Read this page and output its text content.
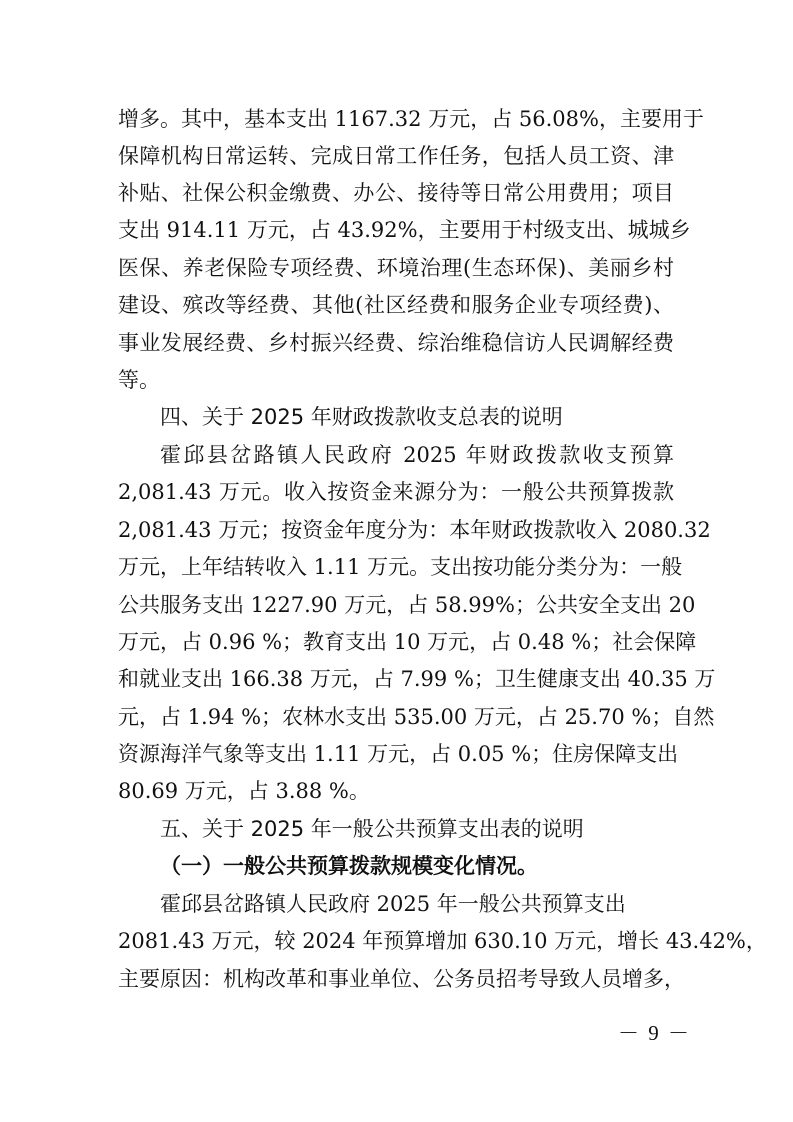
增多。其中，基本支出 1167.32 万元，占 56.08%，主要用于
保障机构日常运转、完成日常工作任务，包括人员工资、津
补贴、社保公积金缴费、办公、接待等日常公用费用；项目
支出 914.11 万元，占 43.92%，主要用于村级支出、城城乡
医保、养老保险专项经费、环境治理(生态环保)、美丽乡村
建设、殡改等经费、其他(社区经费和服务企业专项经费)、
事业发展经费、乡村振兴经费、综治维稳信访人民调解经费
等。
四、关于 2025 年财政拨款收支总表的说明
霍邱县岔路镇人民政府 2025 年财政拨款收支预算
2,081.43 万元。收入按资金来源分为：一般公共预算拨款
2,081.43 万元；按资金年度分为：本年财政拨款收入 2080.32
万元，上年结转收入 1.11 万元。支出按功能分类分为：一般
公共服务支出 1227.90 万元，占 58.99%；公共安全支出 20
万元，占 0.96 %；教育支出 10 万元，占 0.48 %；社会保障
和就业支出 166.38 万元，占 7.99 %；卫生健康支出 40.35 万
元，占 1.94 %；农林水支出 535.00 万元，占 25.70 %；自然
资源海洋气象等支出 1.11 万元，占 0.05 %；住房保障支出
80.69 万元，占 3.88 %。
五、关于 2025 年一般公共预算支出表的说明
（一）一般公共预算拨款规模变化情况。
霍邱县岔路镇人民政府 2025 年一般公共预算支出
2081.43 万元，较 2024 年预算增加 630.10 万元，增长 43.42%，
主要原因：机构改革和事业单位、公务员招考导致人员增多，
－ 9 －
